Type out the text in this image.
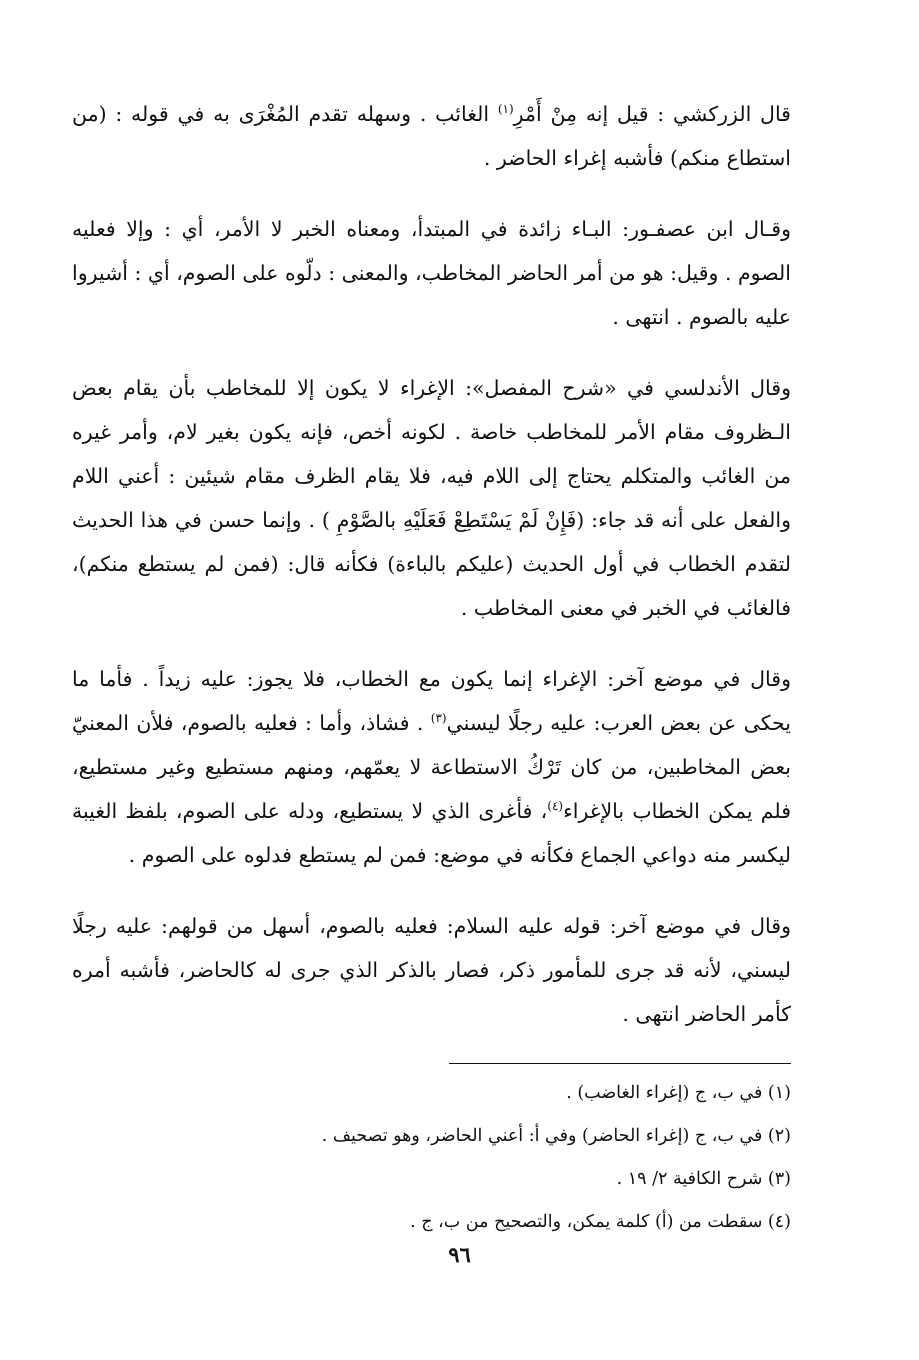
قال الزركشي : قيل إنه مِنْ أَمْرِ$^{(١)}$ الغائب . وسهله تقدم المُغْرَى به في قوله : (من استطاع منكم) فأشبه إغراء الحاضر .

وقـال ابن عصفـور: البـاء زائدة في المبتدأ، ومعناه الخبر لا الأمر، أي : وإلا فعليه الصوم . وقيل: هو من أمر الحاضر المخاطب، والمعنى : دلّوه على الصوم، أي : أشيروا عليه بالصوم . انتهى .

وقال الأندلسي في «شرح المفصل»: الإغراء لا يكون إلا للمخاطب بأن يقام بعض الـظروف مقام الأمر للمخاطب خاصة . لكونه أخص، فإنه يكون بغير لام، وأمر غيره من الغائب والمتكلم يحتاج إلى اللام فيه، فلا يقام الظرف مقام شيئين : أعني اللام والفعل على أنه قد جاء: (فَإِنْ لَمْ يَسْتَطِعْ فَعَلَيْهِ بالصَّوْمِ ) . وإنما حسن في هذا الحديث لتقدم الخطاب في أول الحديث (عليكم بالباءة) فكأنه قال: (فمن لم يستطع منكم)، فالغائب في الخبر في معنى المخاطب .

وقال في موضع آخر: الإغراء إنما يكون مع الخطاب، فلا يجوز: عليه زيداً . فأما ما يحكى عن بعض العرب: عليه رجلًا ليسني$^{(٣)}$ . فشاذ، وأما : فعليه بالصوم، فلأن المعنيّ بعض المخاطبين، من كان تَرْكُ الاستطاعة لا يعمّهم، ومنهم مستطيع وغير مستطيع، فلم يمكن الخطاب بالإغراء$^{(٤)}$، فأغرى الذي لا يستطيع، ودله على الصوم، بلفظ الغيبة ليكسر منه دواعي الجماع فكأنه في موضع: فمن لم يستطع فدلوه على الصوم .

وقال في موضع آخر: قوله عليه السلام: فعليه بالصوم، أسهل من قولهم: عليه رجلًا ليسني، لأنه قد جرى للمأمور ذكر، فصار بالذكر الذي جرى له كالحاضر، فأشبه أمره كأمر الحاضر انتهى .

(١) في ب، ج (إغراء الغاضب) .
(٢) في ب، ج (إغراء الحاضر) وفي أ: أعني الحاضر، وهو تصحيف .
(٣) شرح الكافية ٢/ ١٩ .
(٤) سقطت من (أ) كلمة يمكن، والتصحيح من ب، ج .
٩٦
